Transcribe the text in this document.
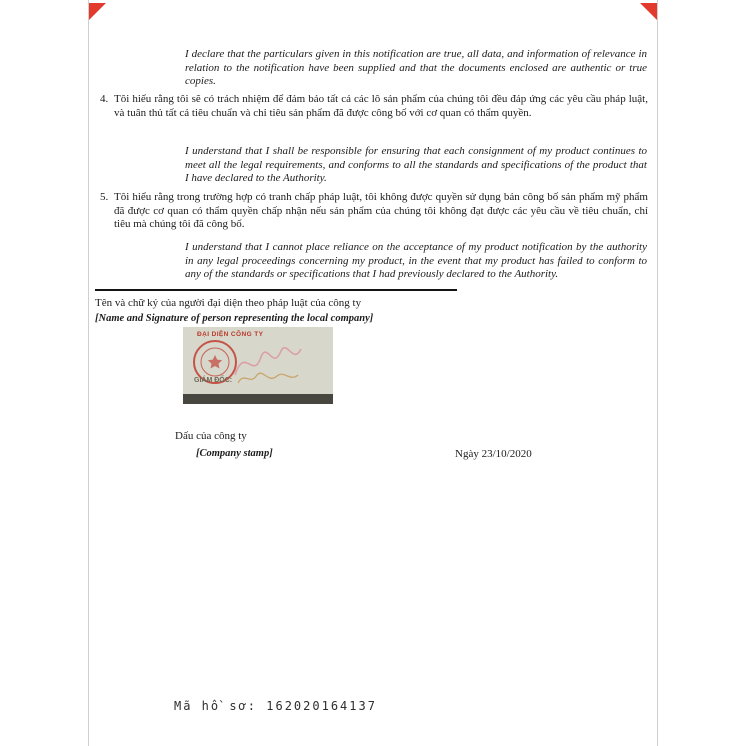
I declare that the particulars given in this notification are true, all data, and information of relevance in relation to the notification have been supplied and that the documents enclosed are authentic or true copies.

4. Tôi hiểu rằng tôi sẽ có trách nhiệm để đảm bảo tất cả các lô sản phẩm của chúng tôi đều đáp ứng các yêu cầu pháp luật, và tuân thủ tất cả tiêu chuẩn và chỉ tiêu sản phẩm đã được công bố với cơ quan có thẩm quyền.

I understand that I shall be responsible for ensuring that each consignment of my product continues to meet all the legal requirements, and conforms to all the standards and specifications of the product that I have declared to the Authority.

5. Tôi hiểu rằng trong trường hợp có tranh chấp pháp luật, tôi không được quyền sử dụng bản công bố sản phẩm mỹ phẩm đã được cơ quan có thẩm quyền chấp nhận nếu sản phẩm của chúng tôi không đạt được các yêu cầu về tiêu chuẩn, chỉ tiêu mà chúng tôi đã công bố.

I understand that I cannot place reliance on the acceptance of my product notification by the authority in any legal proceedings concerning my product, in the event that my product has failed to conform to any of the standards or specifications that I had previously declared to the Authority.

Tên và chữ ký của người đại diện theo pháp luật của công ty

[Name and Signature of person representing the local company]

ĐẠI DIỆN CÔNG TY
GIÁM ĐỐC:

Dấu của công ty

[Company stamp]	Ngày 23/10/2020

Mã hồ sơ: 162020164137
